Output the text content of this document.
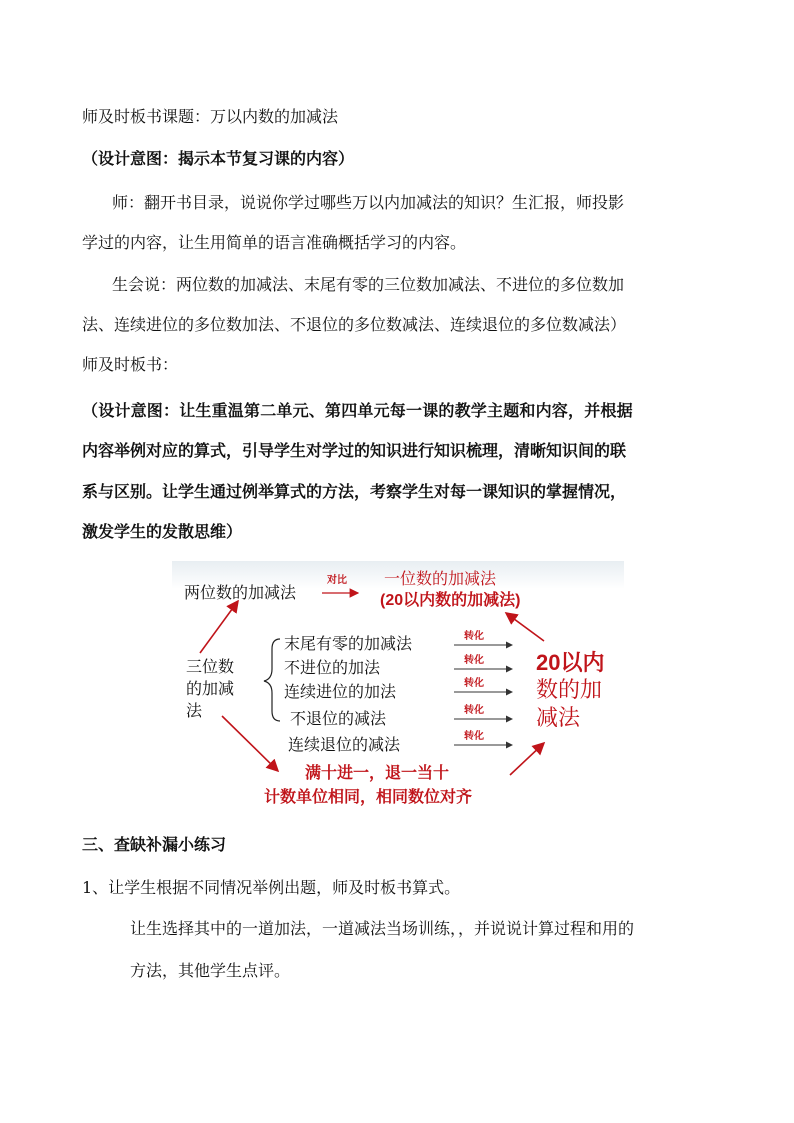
师及时板书课题：万以内数的加减法
（设计意图：揭示本节复习课的内容）
师：翻开书目录，说说你学过哪些万以内加减法的知识？生汇报，师投影
学过的内容，让生用简单的语言准确概括学习的内容。
生会说：两位数的加减法、末尾有零的三位数加减法、不进位的多位数加
法、连续进位的多位数加法、不退位的多位数减法、连续退位的多位数减法）
师及时板书：
（设计意图：让生重温第二单元、第四单元每一课的教学主题和内容，并根据
内容举例对应的算式，引导学生对学过的知识进行知识梳理，清晰知识间的联
系与区别。让学生通过例举算式的方法，考察学生对每一课知识的掌握情况，
激发学生的发散思维）
两位数的加减法
对比 一位数的加减法
(20以内数的加减法)
三位数
的加减
法
末尾有零的加减法
不进位的加法
连续进位的加法
不退位的减法
连续退位的减法
转化
转化
转化
转化
转化
20以内
数的加
减法
满十进一，退一当十
计数单位相同，相同数位对齐
三、查缺补漏小练习
1、让学生根据不同情况举例出题，师及时板书算式。
让生选择其中的一道加法，一道减法当场训练，，并说说计算过程和用的
方法，其他学生点评。
